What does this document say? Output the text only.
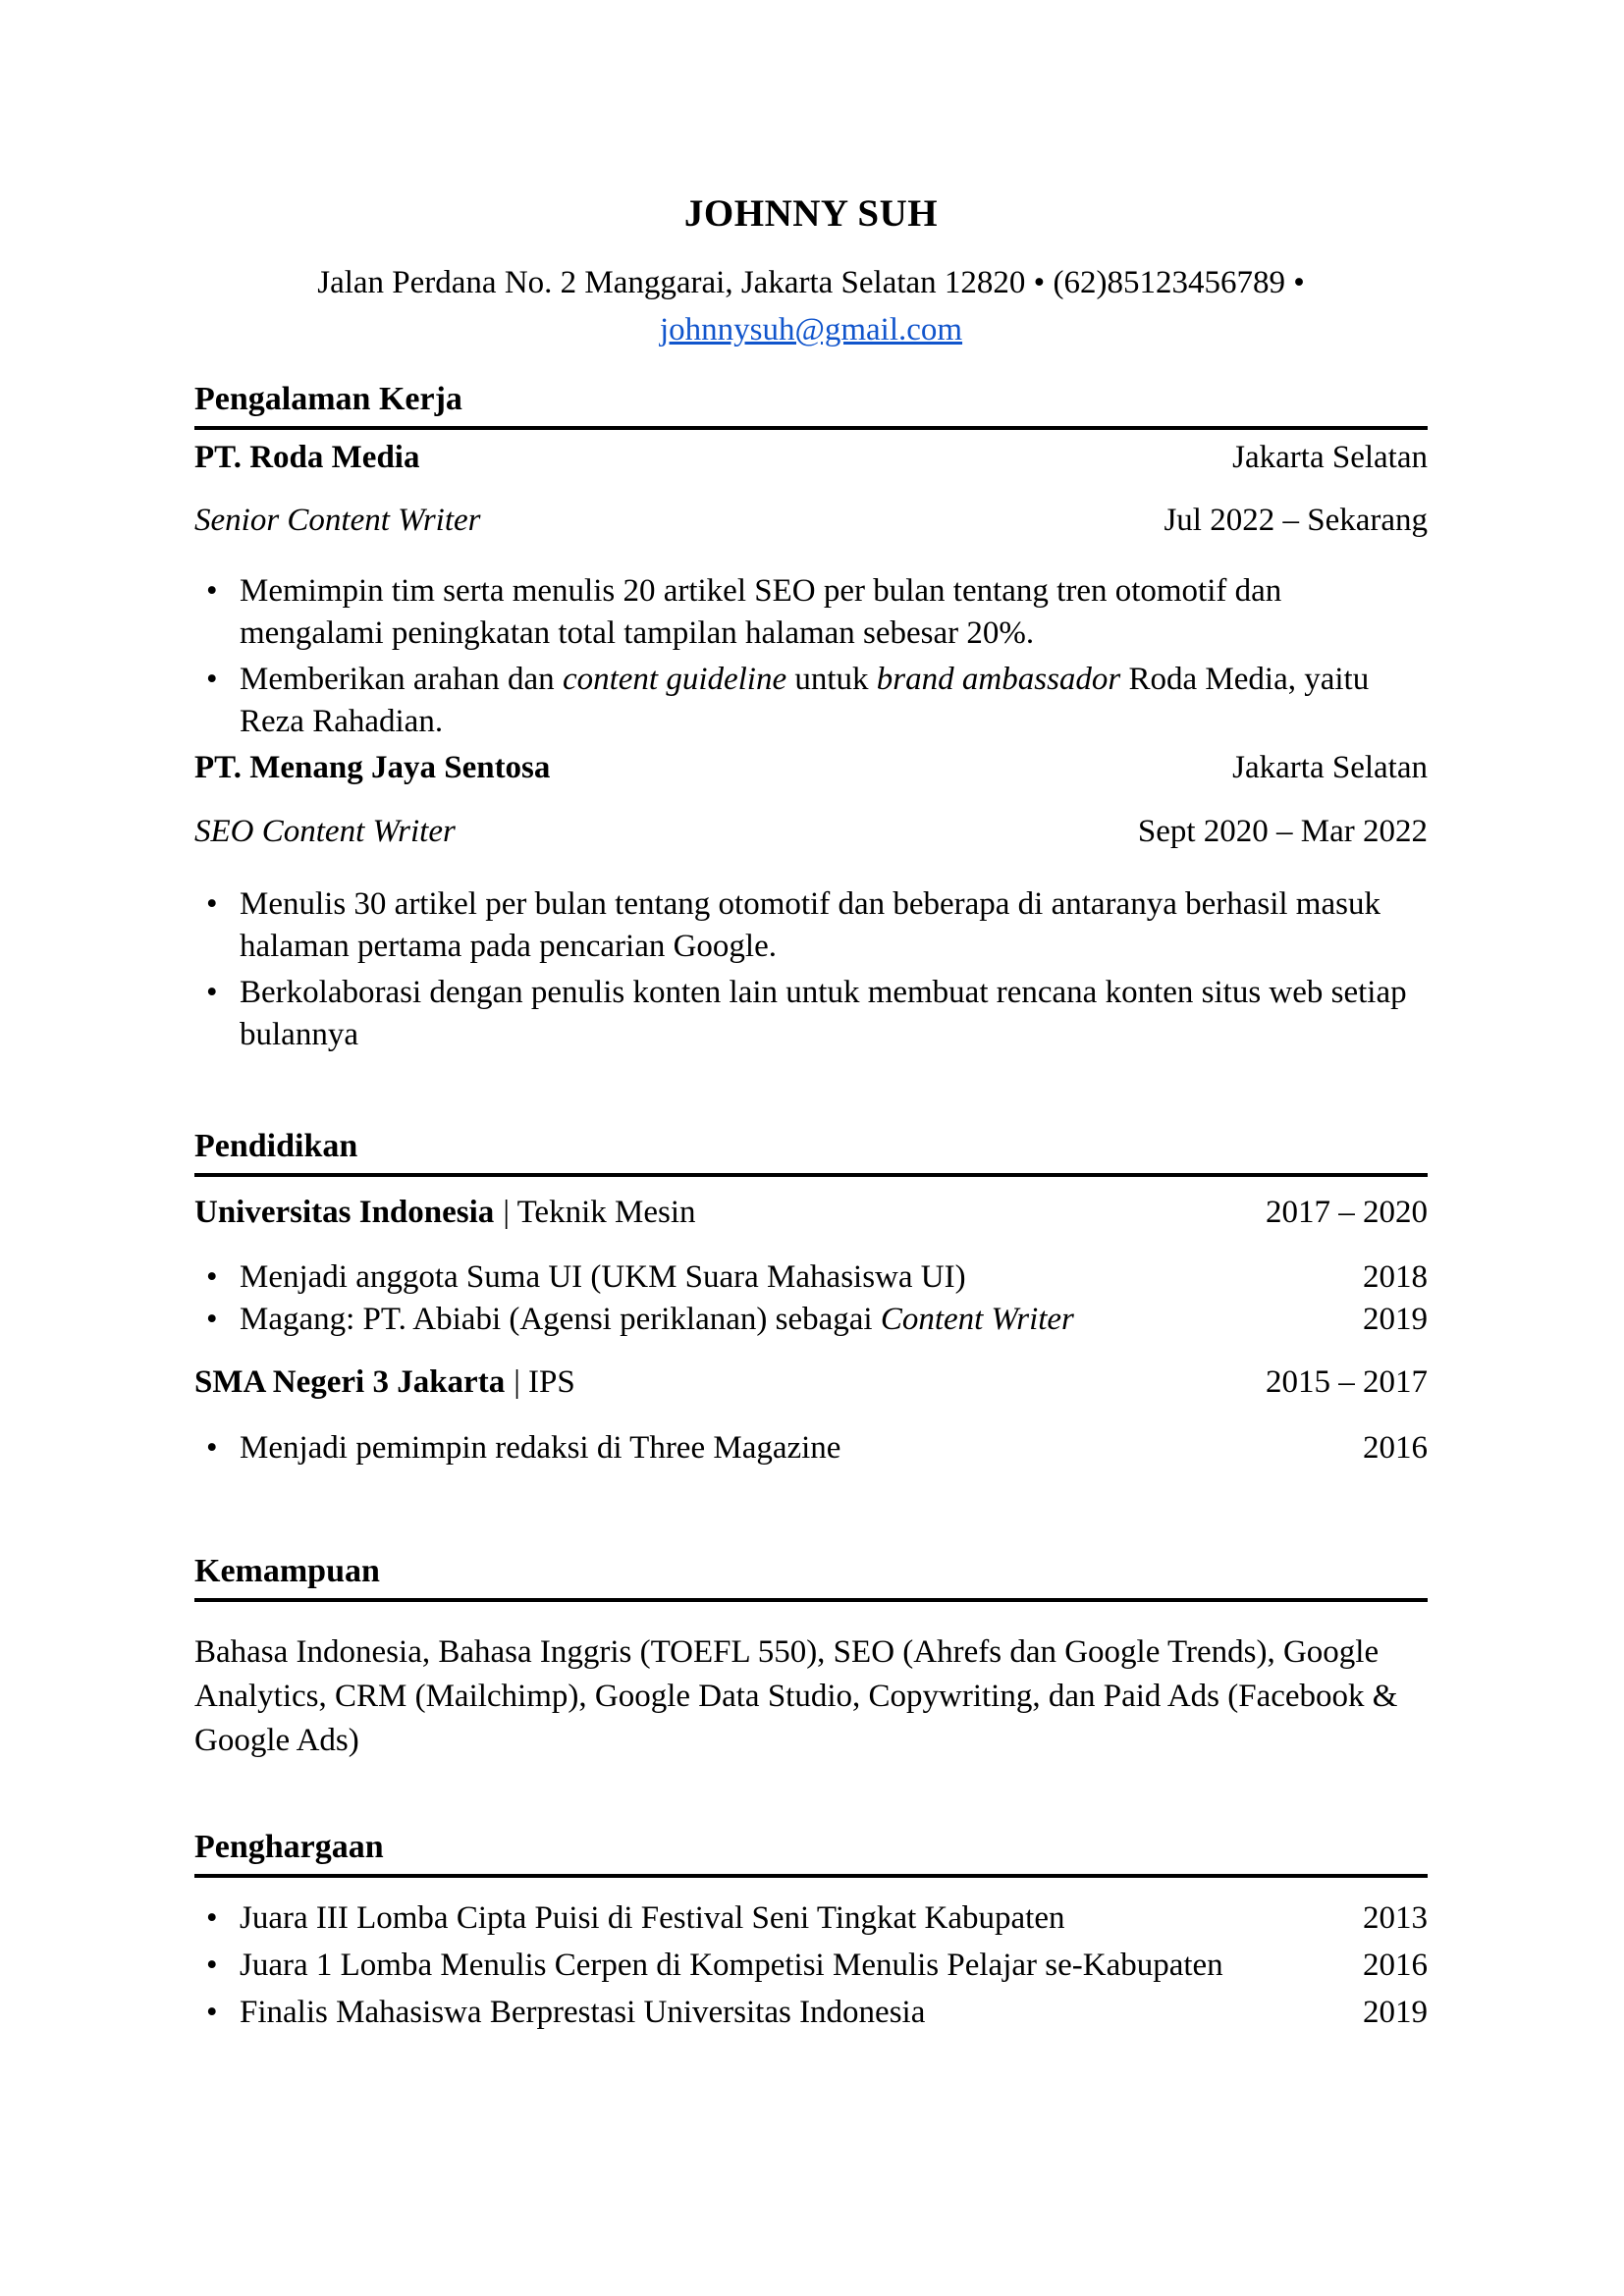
JOHNNY SUH
Jalan Perdana No. 2 Manggarai, Jakarta Selatan 12820 • (62)85123456789 •
johnnysuh@gmail.com
Pengalaman Kerja
PT. Roda Media	Jakarta Selatan
Senior Content Writer	Jul 2022 – Sekarang
• Memimpin tim serta menulis 20 artikel SEO per bulan tentang tren otomotif dan mengalami peningkatan total tampilan halaman sebesar 20%.
• Memberikan arahan dan content guideline untuk brand ambassador Roda Media, yaitu Reza Rahadian.
PT. Menang Jaya Sentosa	Jakarta Selatan
SEO Content Writer	Sept 2020 – Mar 2022
• Menulis 30 artikel per bulan tentang otomotif dan beberapa di antaranya berhasil masuk halaman pertama pada pencarian Google.
• Berkolaborasi dengan penulis konten lain untuk membuat rencana konten situs web setiap bulannya
Pendidikan
Universitas Indonesia | Teknik Mesin	2017 – 2020
• Menjadi anggota Suma UI (UKM Suara Mahasiswa UI)	2018
• Magang: PT. Abiabi (Agensi periklanan) sebagai Content Writer	2019
SMA Negeri 3 Jakarta | IPS	2015 – 2017
• Menjadi pemimpin redaksi di Three Magazine	2016
Kemampuan

Bahasa Indonesia, Bahasa Inggris (TOEFL 550), SEO (Ahrefs dan Google Trends), Google Analytics, CRM (Mailchimp), Google Data Studio, Copywriting, dan Paid Ads (Facebook & Google Ads)

Penghargaan
• Juara III Lomba Cipta Puisi di Festival Seni Tingkat Kabupaten	2013
• Juara 1 Lomba Menulis Cerpen di Kompetisi Menulis Pelajar se-Kabupaten	2016
• Finalis Mahasiswa Berprestasi Universitas Indonesia	2019
